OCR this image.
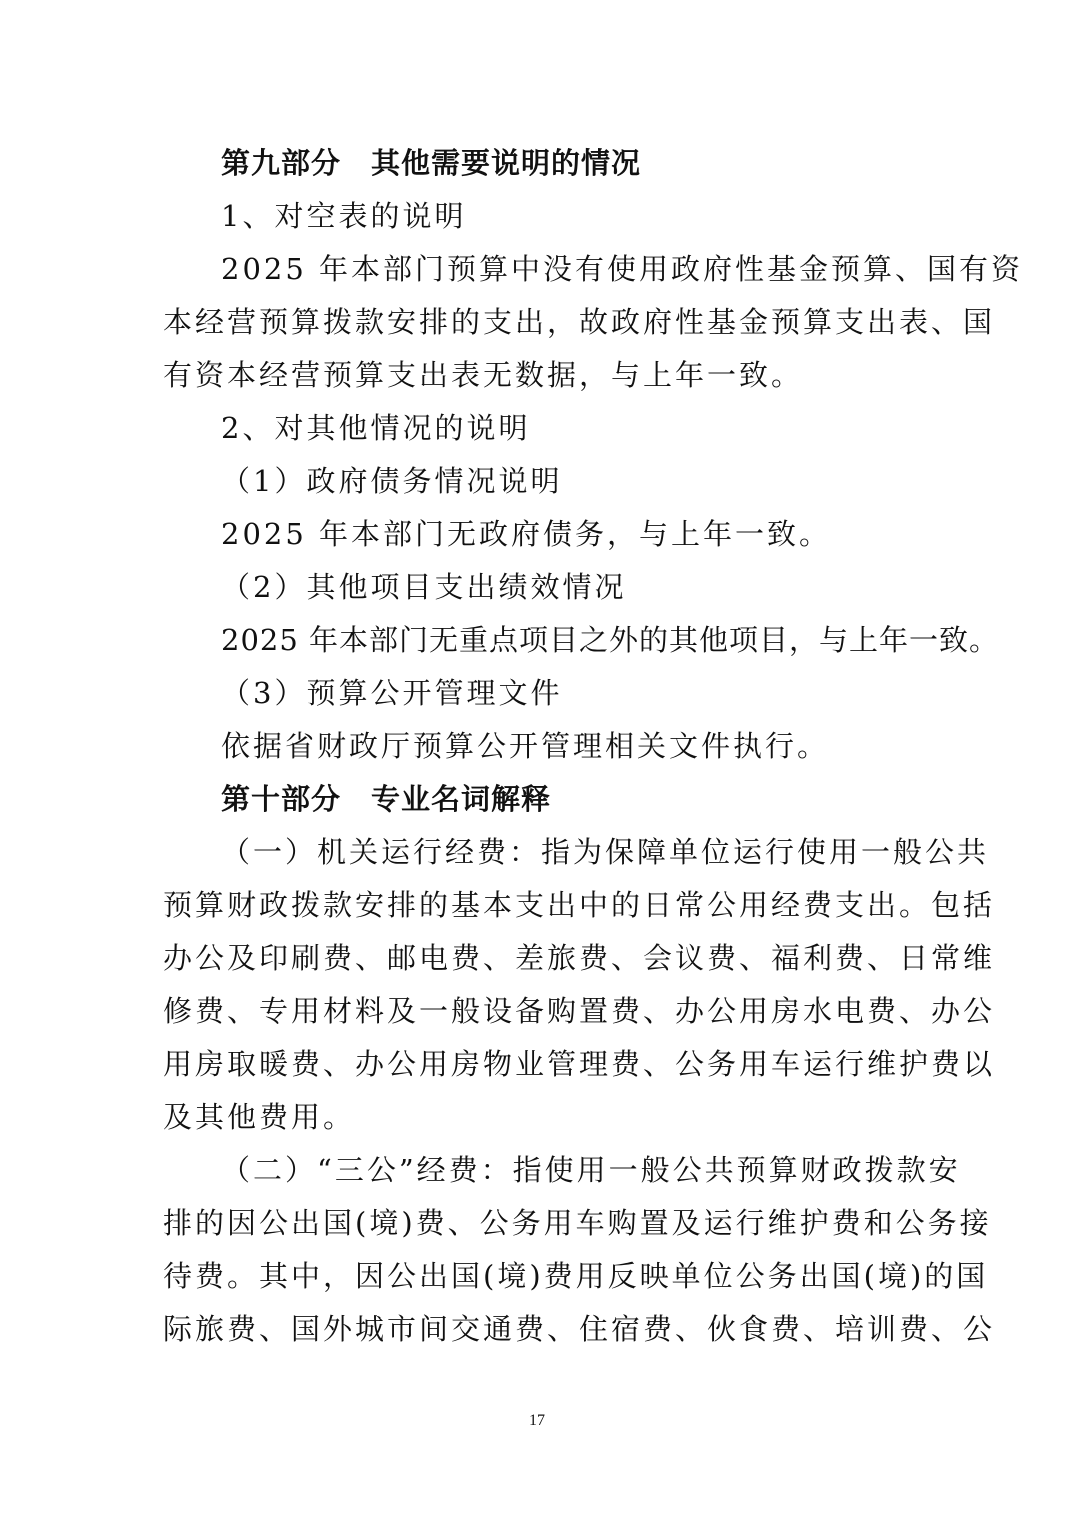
第九部分　其他需要说明的情况
1、对空表的说明
2025 年本部门预算中没有使用政府性基金预算、国有资
本经营预算拨款安排的支出，故政府性基金预算支出表、国
有资本经营预算支出表无数据，与上年一致。
2、对其他情况的说明
（1）政府债务情况说明
2025 年本部门无政府债务，与上年一致。
（2）其他项目支出绩效情况
2025 年本部门无重点项目之外的其他项目，与上年一致。
（3）预算公开管理文件
依据省财政厅预算公开管理相关文件执行。
第十部分　专业名词解释
（一）机关运行经费：指为保障单位运行使用一般公共
预算财政拨款安排的基本支出中的日常公用经费支出。包括
办公及印刷费、邮电费、差旅费、会议费、福利费、日常维
修费、专用材料及一般设备购置费、办公用房水电费、办公
用房取暖费、办公用房物业管理费、公务用车运行维护费以
及其他费用。
（二）“三公”经费：指使用一般公共预算财政拨款安
排的因公出国(境)费、公务用车购置及运行维护费和公务接
待费。其中，因公出国(境)费用反映单位公务出国(境)的国
际旅费、国外城市间交通费、住宿费、伙食费、培训费、公
17
